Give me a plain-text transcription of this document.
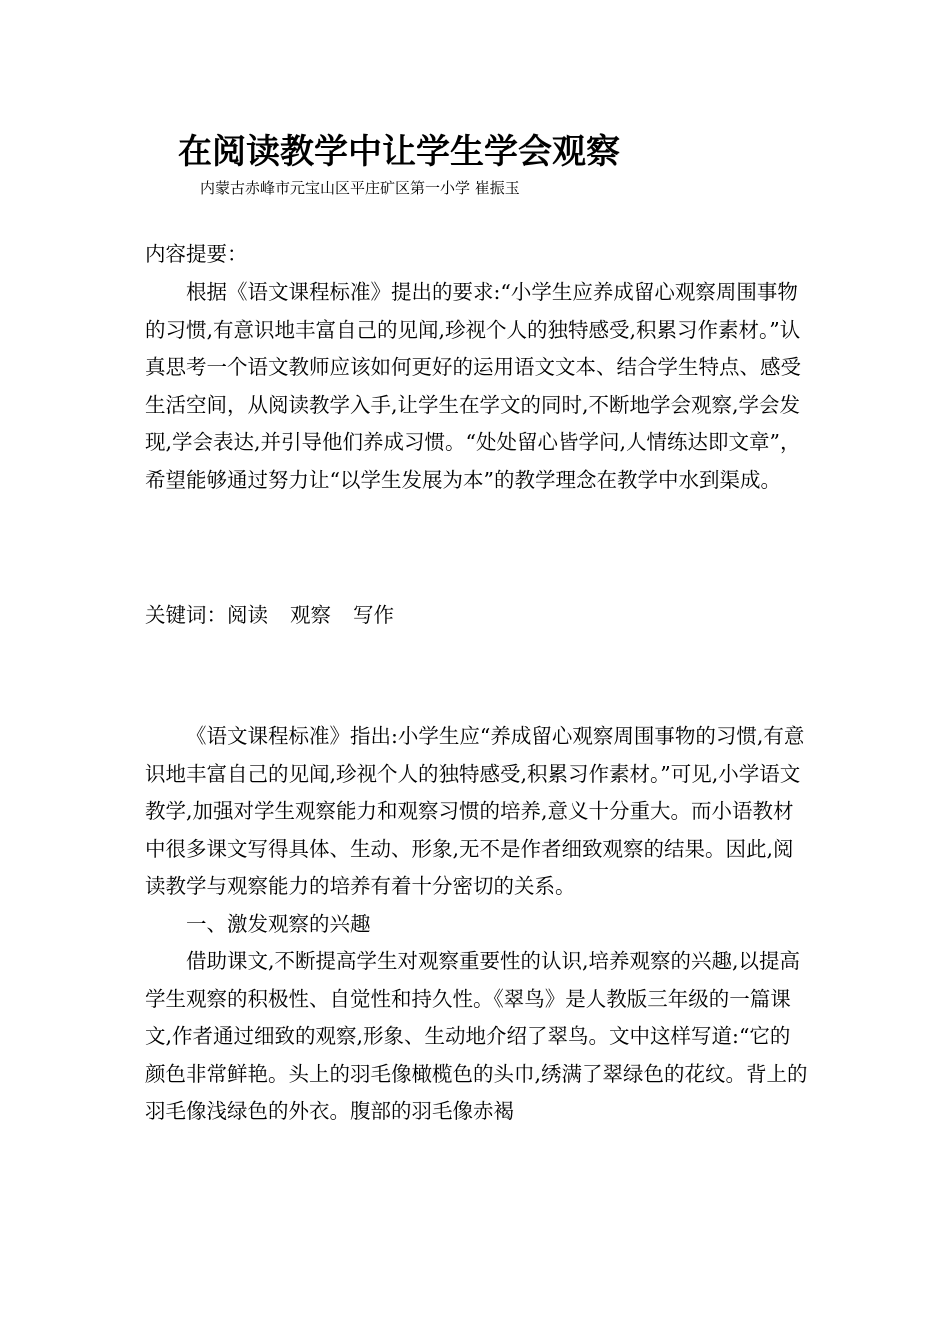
在阅读教学中让学生学会观察
内蒙古赤峰市元宝山区平庄矿区第一小学 崔振玉

内容提要：

根据《语文课程标准》提出的要求:“小学生应养成留心观察周围事物的习惯,有意识地丰富自己的见闻,珍视个人的独特感受,积累习作素材。”认真思考一个语文教师应该如何更好的运用语文文本、结合学生特点、感受生活空间，从阅读教学入手,让学生在学文的同时,不断地学会观察,学会发现,学会表达,并引导他们养成习惯。“处处留心皆学问,人情练达即文章”，希望能够通过努力让“以学生发展为本”的教学理念在教学中水到渠成。

关键词：阅读 观察 写作

《语文课程标准》指出:小学生应“养成留心观察周围事物的习惯,有意识地丰富自己的见闻,珍视个人的独特感受,积累习作素材。”可见,小学语文教学,加强对学生观察能力和观察习惯的培养,意义十分重大。而小语教材中很多课文写得具体、生动、形象,无不是作者细致观察的结果。因此,阅读教学与观察能力的培养有着十分密切的关系。

一、激发观察的兴趣

借助课文,不断提高学生对观察重要性的认识,培养观察的兴趣,以提高学生观察的积极性、自觉性和持久性。《翠鸟》是人教版三年级的一篇课文,作者通过细致的观察,形象、生动地介绍了翠鸟。文中这样写道:“它的颜色非常鲜艳。头上的羽毛像橄榄色的头巾,绣满了翠绿色的花纹。背上的羽毛像浅绿色的外衣。腹部的羽毛像赤褐
